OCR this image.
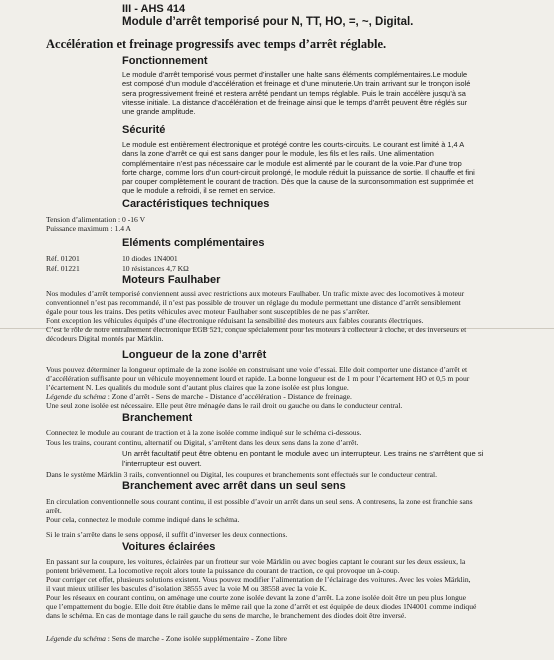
III - AHS 414
Module d’arrêt temporisé pour N, TT, HO, =, ~, Digital.
Accélération et freinage progressifs avec temps d’arrêt réglable.
Fonctionnement
Le module d’arrêt temporisé vous permet d’installer une halte sans éléments complémentaires.Le module
est composé d’un module d’accélération et freinage et d’une minuterie.Un train arrivant sur le tronçon isolé
sera progressivement freiné et restera arrêté pendant un temps réglable. Puis le train accélère jusqu’à sa
vitesse initiale. La distance d’accélération et de freinage ainsi que le temps d’arrêt peuvent être réglés sur
une grande amplitude.
Sécurité
Le module est entièrement électronique et protégé contre les courts-circuits. Le courant est limité à 1,4 A
dans la zone d’arrêt ce qui est sans danger pour le module, les fils et les rails. Une alimentation
complémentaire n’est pas nécessaire car le module est alimenté par le courant de la voie.Par d’une trop
forte charge, comme lors d’un court-circuit prolongé, le module réduit la puissance de sortie. Il chauffe et fini
par couper complètement le courant de traction. Dès que la cause de la surconsommation est supprimée et
que le module a refroidi, il se remet en service.
Caractéristiques techniques
Tension d’alimentation : 0 -16 V
Puissance maximum : 1.4 A
Eléments complémentaires
Réf. 01201	10 diodes 1N4001
Réf. 01221	10 résistances 4,7 KΩ
Moteurs Faulhaber
Nos modules d’arrêt temporisé conviennent aussi avec restrictions aux moteurs Faulhaber. Un trafic mixte avec des locomotives à moteur
conventionnel n’est pas recommandé, il n’est pas possible de trouver un réglage du module permettant une distance d’arrêt sensiblement
égale pour tous les trains. Des petits véhicules avec moteur Faulhaber sont susceptibles de ne pas s’arrêter.
Font exception les véhicules équipés d’une électronique réduisant la sensibilité des moteurs aux faibles courants électriques.
C’est le rôle de notre entraînement électronique EGB 521, conçue spécialement pour les moteurs à collecteur à cloche, et des inverseurs et
décodeurs Digital montés par Märklin.
Longueur de la zone d’arrêt
Vous pouvez déterminer la longueur optimale de la zone isolée en construisant une voie d’essai. Elle doit comporter une distance d’arrêt et
d’accélération suffisante pour un véhicule moyennement lourd et rapide. La bonne longueur est de 1 m pour l’écartement HO et 0,5 m pour
l’écartement N. Les qualités du module sont d’autant plus claires que la zone isolée est plus longue.
Légende du schéma : Zone d’arrêt - Sens de marche - Distance d’accélération - Distance de freinage.
Une seul zone isolée est nécessaire. Elle peut être ménagée dans le rail droit ou gauche ou dans le conducteur central.
Branchement
Connectez le module au courant de traction et à la zone isolée comme indiqué sur le schéma ci-dessous.
Tous les trains, courant continu, alternatif ou Digital, s’arrêtent dans les deux sens dans la zone d’arrêt.
Un arrêt facultatif peut être obtenu en pontant le module avec un interrupteur. Les trains ne s’arrêtent que si
l’interrupteur est ouvert.
Dans le système Märklin 3 rails, conventionnel ou Digital, les coupures et branchements sont effectués sur le conducteur central.
Branchement avec arrêt dans un seul sens
En circulation conventionnelle sous courant continu, il est possible d’avoir un arrêt dans un seul sens. A contresens, la zone est franchie sans
arrêt.
Pour cela, connectez le module comme indiqué dans le schéma.
Si le train s’arrête dans le sens opposé, il suffit d’inverser les deux connections.
Voitures éclairées
En passant sur la coupure, les voitures, éclairées par un frotteur sur voie Märklin ou avec bogies captant le courant sur les deux essieux, la
pontent brièvement. La locomotive reçoit alors toute la puissance du courant de traction, ce qui provoque un à-coup.
Pour corriger cet effet, plusieurs solutions existent. Vous pouvez modifier l’alimentation de l’éclairage des voitures. Avec les voies Märklin,
il vaut mieux utiliser les bascules d’isolation 38555 avec la voie M ou 38558 avec la voie K.
Pour les réseaux en courant continu, on aménage une courte zone isolée devant la zone d’arrêt. La zone isolée doit être un peu plus longue
que l’empattement du bogie. Elle doit être établie dans le même rail que la zone d’arrêt et est équipée de deux diodes 1N4001 comme indiqué
dans le schéma. En cas de montage dans le rail gauche du sens de marche, le branchement des diodes doit être inversé.
Légende du schéma : Sens de marche - Zone isolée supplémentaire - Zone libre
